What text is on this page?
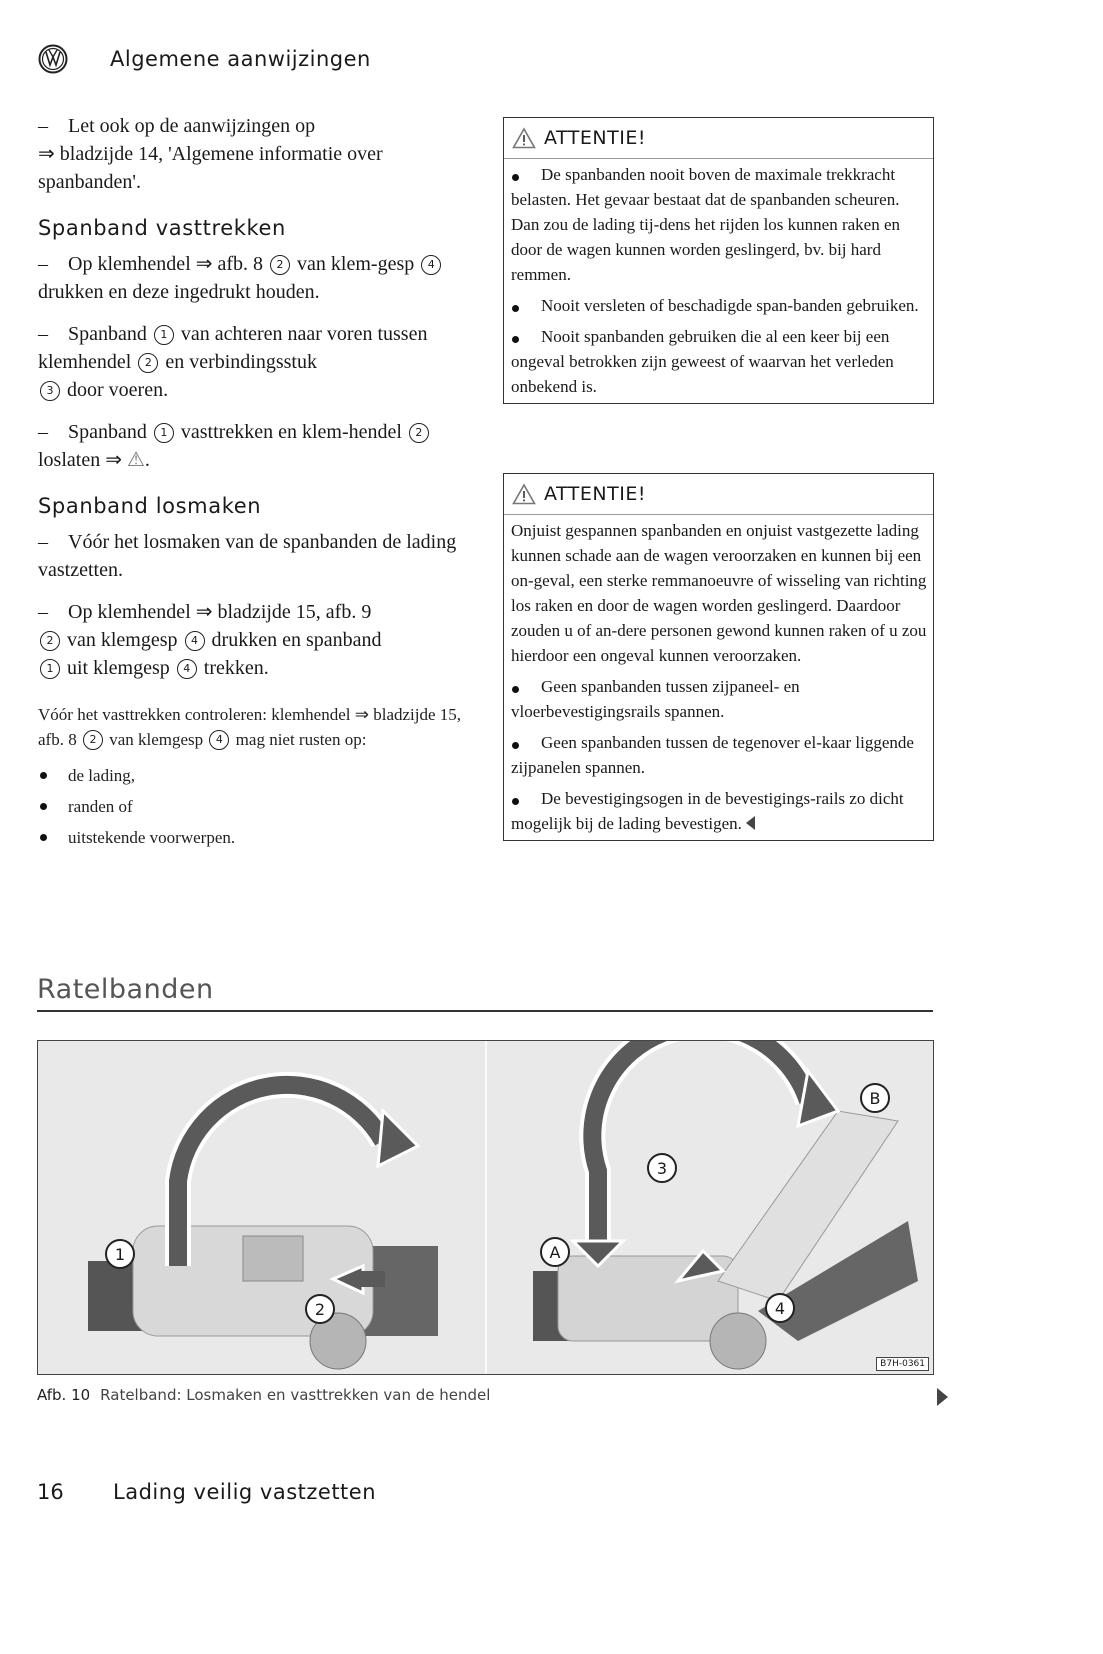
Algemene aanwijzingen

– Let ook op de aanwijzingen op
⇒ bladzijde 14, 'Algemene informatie over spanbanden'.

Spanband vasttrekken

– Op klemhendel ⇒ afb. 8 2 van klem-gesp 4 drukken en deze ingedrukt houden.

– Spanband 1 van achteren naar voren tussen klemhendel 2 en verbindingsstuk
3 door voeren.

– Spanband 1 vasttrekken en klem-hendel 2 loslaten ⇒ ⚠.

Spanband losmaken

– Vóór het losmaken van de spanbanden de lading vastzetten.

– Op klemhendel ⇒ bladzijde 15, afb. 9
2 van klemgesp 4 drukken en spanband
1 uit klemgesp 4 trekken.

Vóór het vasttrekken controleren: klemhendel ⇒ bladzijde 15, afb. 8 2 van klemgesp 4 mag niet rusten op:

de lading,
randen of
uitstekende voorwerpen.
ATTENTIE!

De spanbanden nooit boven de maximale trekkracht belasten. Het gevaar bestaat dat de spanbanden scheuren. Dan zou de lading tij-dens het rijden los kunnen raken en door de wagen kunnen worden geslingerd, bv. bij hard remmen.

Nooit versleten of beschadigde span-banden gebruiken.

Nooit spanbanden gebruiken die al een keer bij een ongeval betrokken zijn geweest of waarvan het verleden onbekend is.

ATTENTIE!

Onjuist gespannen spanbanden en onjuist vastgezette lading kunnen schade aan de wagen veroorzaken en kunnen bij een on-geval, een sterke remmanoeuvre of wisseling van richting los raken en door de wagen worden geslingerd. Daardoor zouden u of an-dere personen gewond kunnen raken of u zou hierdoor een ongeval kunnen veroorzaken.

Geen spanbanden tussen zijpaneel- en vloerbevestigingsrails spannen.

Geen spanbanden tussen de tegenover el-kaar liggende zijpanelen spannen.

De bevestigingsogen in de bevestigings-rails zo dicht mogelijk bij de lading bevestigen.

Ratelbanden
1
2
A
B
3
4
B7H-0361
Afb. 10 Ratelband: Losmaken en vasttrekken van de hendel
16	Lading veilig vastzetten
